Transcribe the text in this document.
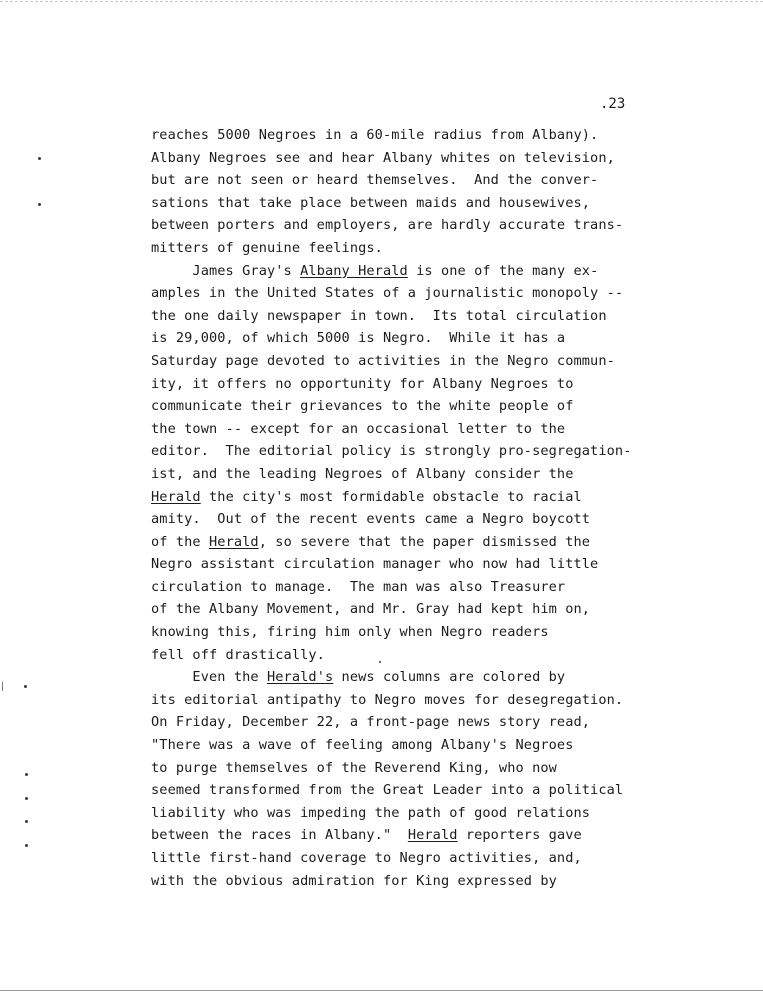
.23
reaches 5000 Negroes in a 60-mile radius from Albany).
Albany Negroes see and hear Albany whites on television,
but are not seen or heard themselves.  And the conver-
sations that take place between maids and housewives,
between porters and employers, are hardly accurate trans-
mitters of genuine feelings.
James Gray's Albany Herald is one of the many ex-
amples in the United States of a journalistic monopoly --
the one daily newspaper in town.  Its total circulation
is 29,000, of which 5000 is Negro.  While it has a
Saturday page devoted to activities in the Negro commun-
ity, it offers no opportunity for Albany Negroes to
communicate their grievances to the white people of
the town -- except for an occasional letter to the
editor.  The editorial policy is strongly pro-segregation-
ist, and the leading Negroes of Albany consider the
Herald the city's most formidable obstacle to racial
amity.  Out of the recent events came a Negro boycott
of the Herald, so severe that the paper dismissed the
Negro assistant circulation manager who now had little
circulation to manage.  The man was also Treasurer
of the Albany Movement, and Mr. Gray had kept him on,
knowing this, firing him only when Negro readers
fell off drastically.
Even the Herald's news columns are colored by
its editorial antipathy to Negro moves for desegregation.
On Friday, December 22, a front-page news story read,
"There was a wave of feeling among Albany's Negroes
to purge themselves of the Reverend King, who now
seemed transformed from the Great Leader into a political
liability who was impeding the path of good relations
between the races in Albany."  Herald reporters gave
little first-hand coverage to Negro activities, and,
with the obvious admiration for King expressed by
